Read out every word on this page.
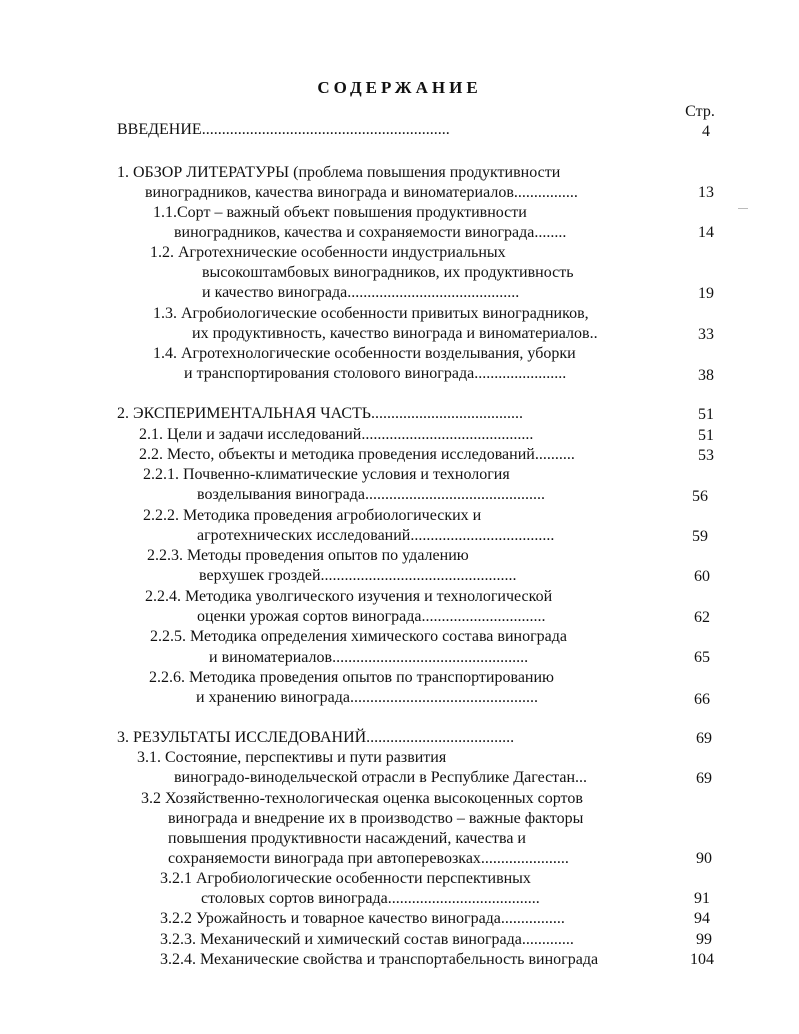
СОДЕРЖАНИЕ
Стр.
ВВЕДЕНИЕ..............................................................	4
1. ОБЗОР ЛИТЕРАТУРЫ (проблема повышения продуктивности
виноградников, качества винограда и виноматериалов................	13
1.1.Сорт – важный объект повышения продуктивности
виноградников, качества и сохраняемости винограда........	14
1.2. Агротехнические особенности индустриальных
высокоштамбовых виноградников, их продуктивность
и качество винограда...........................................	19
1.3. Агробиологические особенности привитых виноградников,
их продуктивность, качество винограда и виноматериалов..	33
1.4. Агротехнологические особенности возделывания, уборки
и транспортирования столового винограда.......................	38
2. ЭКСПЕРИМЕНТАЛЬНАЯ ЧАСТЬ......................................	51
2.1. Цели и задачи исследований...........................................	51
2.2. Место, объекты и методика проведения исследований..........	53
2.2.1. Почвенно-климатические условия и технология
возделывания винограда.............................................	56
2.2.2. Методика проведения агробиологических и
агротехнических исследований....................................	59
2.2.3. Методы проведения опытов по удалению
верхушек гроздей.................................................	60
2.2.4. Методика уволгического изучения и технологической
оценки урожая сортов винограда...............................	62
2.2.5. Методика определения химического состава винограда
и виноматериалов.................................................	65
2.2.6. Методика проведения опытов по транспортированию
и хранению винограда...............................................	66
3. РЕЗУЛЬТАТЫ ИССЛЕДОВАНИЙ.....................................	69
3.1. Состояние, перспективы и пути развития
виноградо-винодельческой отрасли в Республике Дагестан...	69
3.2 Хозяйственно-технологическая оценка высокоценных сортов
винограда и внедрение их в производство – важные факторы
повышения продуктивности насаждений, качества и
сохраняемости винограда при автоперевозках......................	90
3.2.1 Агробиологические особенности перспективных
столовых сортов винограда......................................	91
3.2.2 Урожайность и товарное качество винограда................	94
3.2.3. Механический и химический состав винограда.............	99
3.2.4. Механические свойства и транспортабельность винограда	104
